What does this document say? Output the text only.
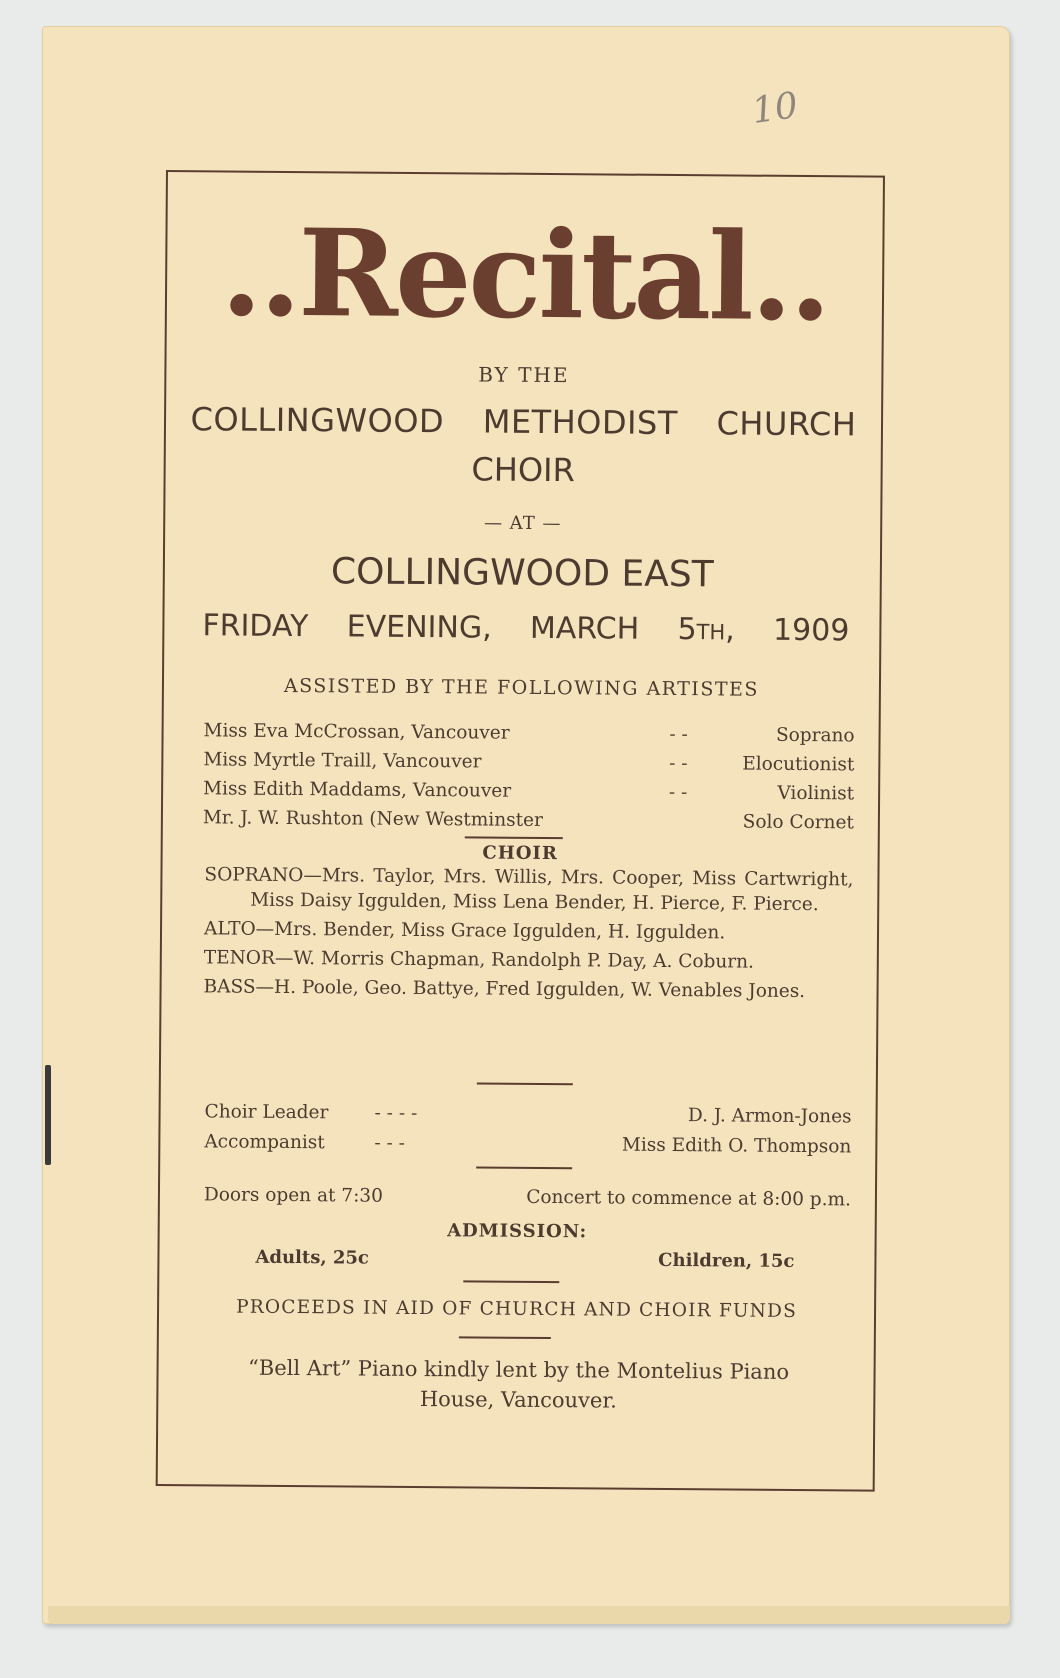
10
..Recital..
BY THE
COLLINGWOOD METHODIST CHURCH
CHOIR
— AT —
COLLINGWOOD EAST
FRIDAY EVENING, MARCH 5th, 1909
ASSISTED BY THE FOLLOWING ARTISTES
Miss Eva McCrossan, Vancouver	- -	Soprano
Miss Myrtle Traill, Vancouver	- -	Elocutionist
Miss Edith Maddams, Vancouver	- -	Violinist
Mr. J. W. Rushton (New Westminster	Solo Cornet
CHOIR
SOPRANO—Mrs. Taylor, Mrs. Willis, Mrs. Cooper, Miss Cartwright, Miss Daisy Iggulden, Miss Lena Bender, H. Pierce, F. Pierce.
ALTO—Mrs. Bender, Miss Grace Iggulden, H. Iggulden.
TENOR—W. Morris Chapman, Randolph P. Day, A. Coburn.
BASS—H. Poole, Geo. Battye, Fred Iggulden, W. Venables Jones.
Choir Leader	- - - -	D. J. Armon-Jones
Accompanist	- - -	Miss Edith O. Thompson
Doors open at 7:30	Concert to commence at 8:00 p.m.
ADMISSION:
Adults, 25c	Children, 15c
PROCEEDS IN AID OF CHURCH AND CHOIR FUNDS
“Bell Art” Piano kindly lent by the Montelius Piano House, Vancouver.
